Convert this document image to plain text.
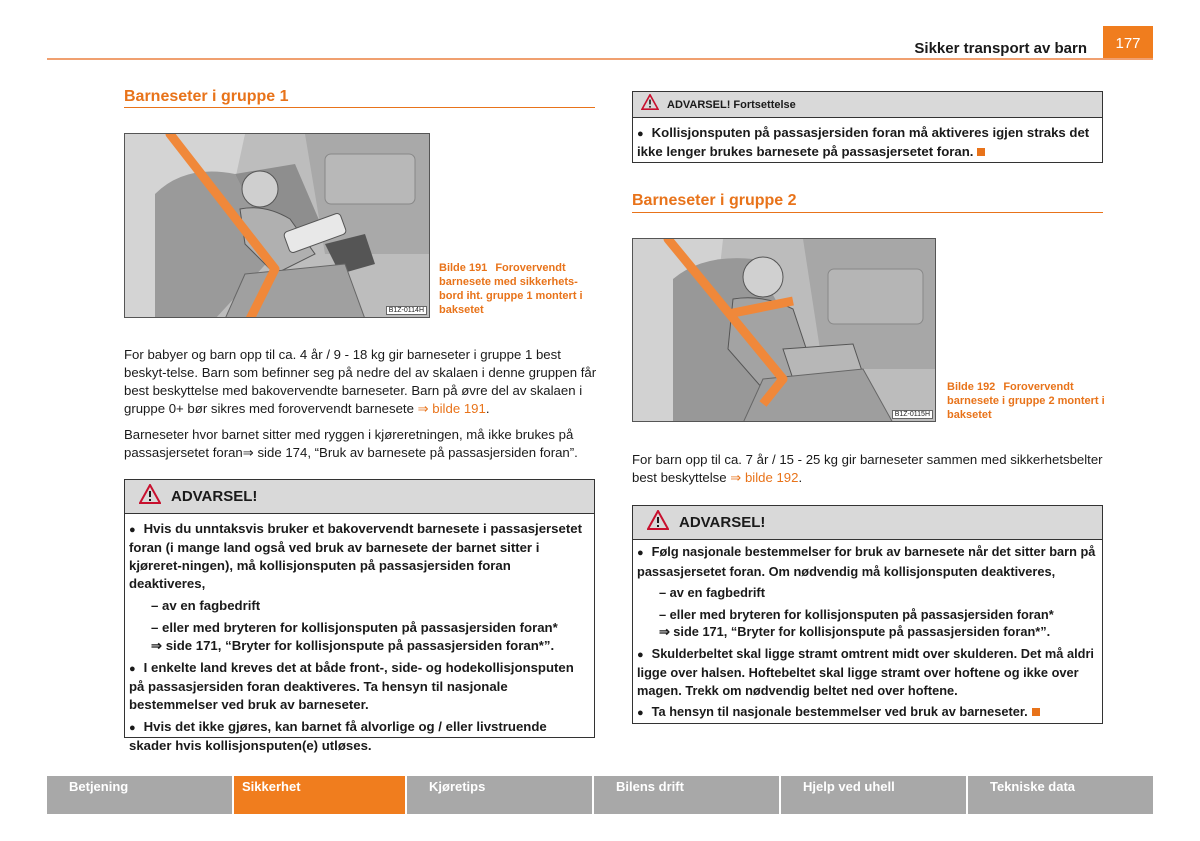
Sikker transport av barn	177
Barneseter i gruppe 1
B1Z-0114H
Bilde 191 Forovervendt barnesete med sikkerhets-bord iht. gruppe 1 montert i baksetet
For babyer og barn opp til ca. 4 år / 9 - 18 kg gir barneseter i gruppe 1 best beskyt-telse. Barn som befinner seg på nedre del av skalaen i denne gruppen får best beskyttelse med bakovervendte barneseter. Barn på øvre del av skalaen i gruppe 0+ bør sikres med forovervendt barnesete ⇒ bilde 191.
Barneseter hvor barnet sitter med ryggen i kjøreretningen, må ikke brukes på passasjersetet foran⇒ side 174, “Bruk av barnesete på passasjersiden foran”.
ADVARSEL!

● Hvis du unntaksvis bruker et bakovervendt barnesete i passasjersetet foran (i mange land også ved bruk av barnesete der barnet sitter i kjøreret-ningen), må kollisjonsputen på passasjersiden foran deaktiveres,

– av en fagbedrift

– eller med bryteren for kollisjonsputen på passasjersiden foran*

⇒ side 171, “Bryter for kollisjonspute på passasjersiden foran*”.

● I enkelte land kreves det at både front-, side- og hodekollisjonsputen på passasjersiden foran deaktiveres. Ta hensyn til nasjonale bestemmelser ved bruk av barneseter.

● Hvis det ikke gjøres, kan barnet få alvorlige og / eller livstruende skader hvis kollisjonsputen(e) utløses.

ADVARSEL! Fortsettelse

● Kollisjonsputen på passasjersiden foran må aktiveres igjen straks det ikke lenger brukes barnesete på passasjersetet foran.

Barneseter i gruppe 2
B1Z-0115H
Bilde 192 Forovervendt barnesete i gruppe 2 montert i baksetet
For barn opp til ca. 7 år / 15 - 25 kg gir barneseter sammen med sikkerhetsbelter best beskyttelse ⇒ bilde 192.
ADVARSEL!

● Følg nasjonale bestemmelser for bruk av barnesete når det sitter barn på passasjersetet foran. Om nødvendig må kollisjonsputen deaktiveres,

– av en fagbedrift

– eller med bryteren for kollisjonsputen på passasjersiden foran*

⇒ side 171, “Bryter for kollisjonspute på passasjersiden foran*”.

● Skulderbeltet skal ligge stramt omtrent midt over skulderen. Det må aldri ligge over halsen. Hoftebeltet skal ligge stramt over hoftene og ikke over magen. Trekk om nødvendig beltet ned over hoftene.

● Ta hensyn til nasjonale bestemmelser ved bruk av barneseter.

Betjening	Sikkerhet	Kjøretips	Bilens drift	Hjelp ved uhell	Tekniske data
